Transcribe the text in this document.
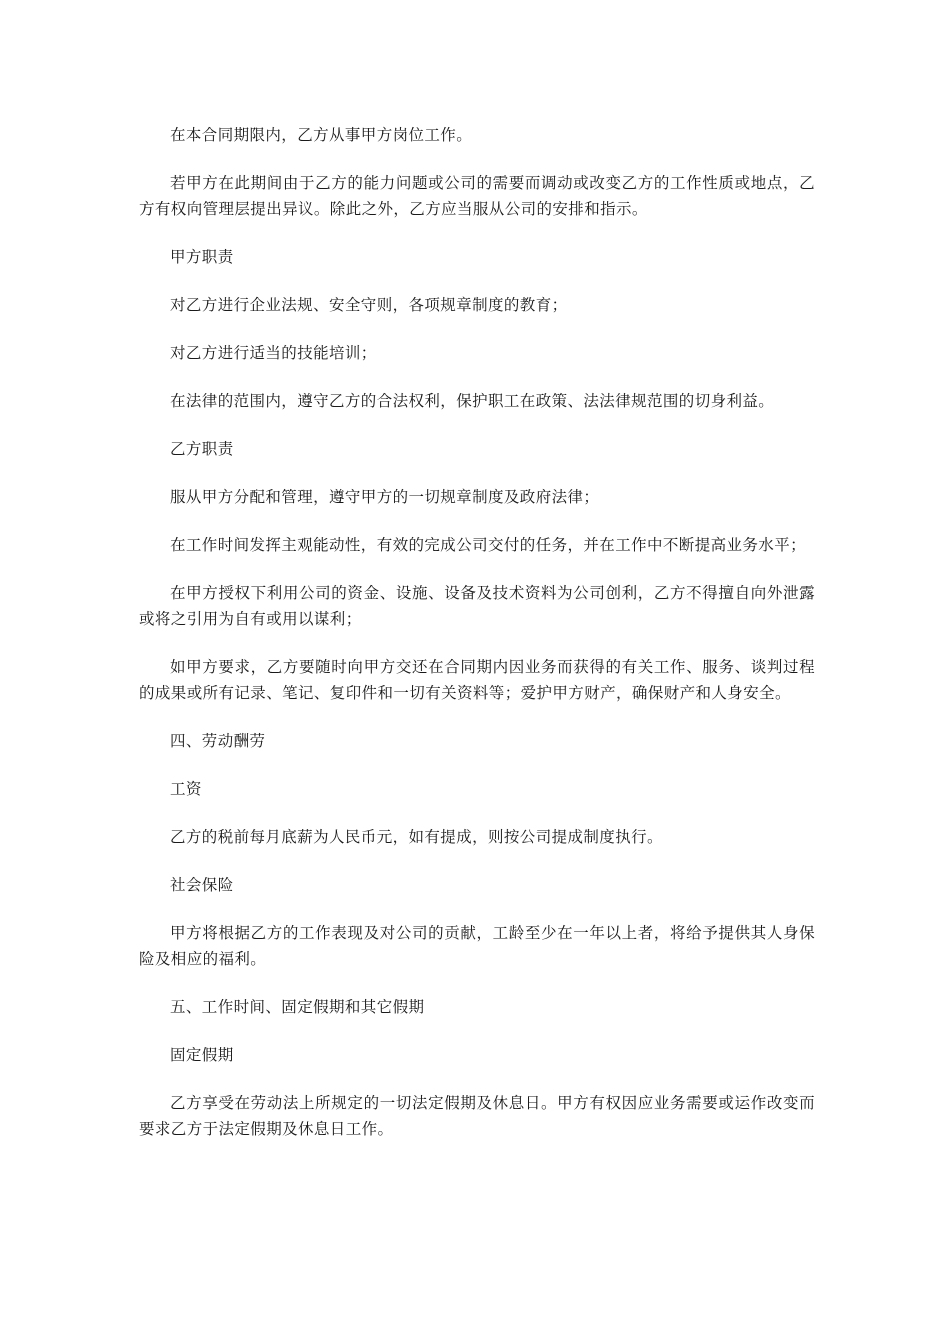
在本合同期限内，乙方从事甲方岗位工作。

若甲方在此期间由于乙方的能力问题或公司的需要而调动或改变乙方的工作性质或地点，乙方有权向管理层提出异议。除此之外，乙方应当服从公司的安排和指示。

甲方职责

对乙方进行企业法规、安全守则，各项规章制度的教育；

对乙方进行适当的技能培训；

在法律的范围内，遵守乙方的合法权利，保护职工在政策、法法律规范围的切身利益。

乙方职责

服从甲方分配和管理，遵守甲方的一切规章制度及政府法律；

在工作时间发挥主观能动性，有效的完成公司交付的任务，并在工作中不断提高业务水平；

在甲方授权下利用公司的资金、设施、设备及技术资料为公司创利，乙方不得擅自向外泄露或将之引用为自有或用以谋利；

如甲方要求，乙方要随时向甲方交还在合同期内因业务而获得的有关工作、服务、谈判过程的成果或所有记录、笔记、复印件和一切有关资料等；爱护甲方财产，确保财产和人身安全。

四、劳动酬劳

工资

乙方的税前每月底薪为人民币元，如有提成，则按公司提成制度执行。

社会保险

甲方将根据乙方的工作表现及对公司的贡献，工龄至少在一年以上者，将给予提供其人身保险及相应的福利。

五、工作时间、固定假期和其它假期

固定假期

乙方享受在劳动法上所规定的一切法定假期及休息日。甲方有权因应业务需要或运作改变而要求乙方于法定假期及休息日工作。
